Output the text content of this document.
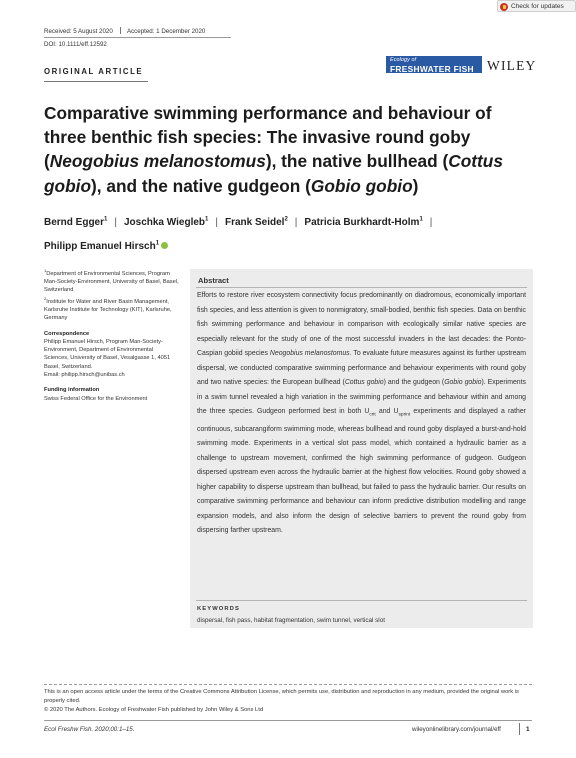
Check for updates
Received: 5 August 2020 Accepted: 1 December 2020
DOI: 10.1111/eff.12592
ORIGINAL ARTICLE
Ecology of
FRESHWATER FISH WILEY
Comparative swimming performance and behaviour of three benthic fish species: The invasive round goby (Neogobius melanostomus), the native bullhead (Cottus gobio), and the native gudgeon (Gobio gobio)
Bernd Egger$^1$ | Joschka Wiegleb$^1$ | Frank Seidel$^2$ | Patricia Burkhardt-Holm$^1$ |
Philipp Emanuel Hirsch$^1$
$^1$Department of Environmental Sciences, Program Man-Society-Environment, University of Basel, Basel, Switzerland
$^2$Institute for Water and River Basin Management, Karlsruhe Institute for Technology (KIT), Karlsruhe, Germany
Correspondence
Philipp Emanuel Hirsch, Program Man-Society-Environment, Department of Environmental Sciences, University of Basel, Vesalgasse 1, 4051 Basel, Switzerland.
Email: philipp.hirsch@unibas.ch
Funding information
Swiss Federal Office for the Environment
Abstract
Efforts to restore river ecosystem connectivity focus predominantly on diadromous, economically important fish species, and less attention is given to nonmigratory, small-bodied, benthic fish species. Data on benthic fish swimming performance and behaviour in comparison with ecologically similar native species are especially relevant for the study of one of the most successful invaders in the last decades: the Ponto-Caspian gobiid species Neogobius melanostomus. To evaluate future measures against its further upstream dispersal, we conducted comparative swimming performance and behaviour experiments with round goby and two native species: the European bullhead (Cottus gobio) and the gudgeon (Gobio gobio). Experiments in a swim tunnel revealed a high variation in the swimming performance and behaviour within and among the three species. Gudgeon performed best in both $U_{crit}$ and $U_{sprint}$ experiments and displayed a rather continuous, subcarangiform swimming mode, whereas bullhead and round goby displayed a burst-and-hold swimming mode. Experiments in a vertical slot pass model, which contained a hydraulic barrier as a challenge to upstream movement, confirmed the high swimming performance of gudgeon. Gudgeon dispersed upstream even across the hydraulic barrier at the highest flow velocities. Round goby showed a higher capability to disperse upstream than bullhead, but failed to pass the hydraulic barrier. Our results on comparative swimming performance and behaviour can inform predictive distribution modelling and range expansion models, and also inform the design of selective barriers to prevent the round goby from dispersing farther upstream.
KEYWORDS
dispersal, fish pass, habitat fragmentation, swim tunnel, vertical slot
This is an open access article under the terms of the Creative Commons Attribution License, which permits use, distribution and reproduction in any medium, provided the original work is properly cited.
© 2020 The Authors. Ecology of Freshwater Fish published by John Wiley & Sons Ltd
Ecol Freshw Fish. 2020;00:1–15.	wileyonlinelibrary.com/journal/eff	1
